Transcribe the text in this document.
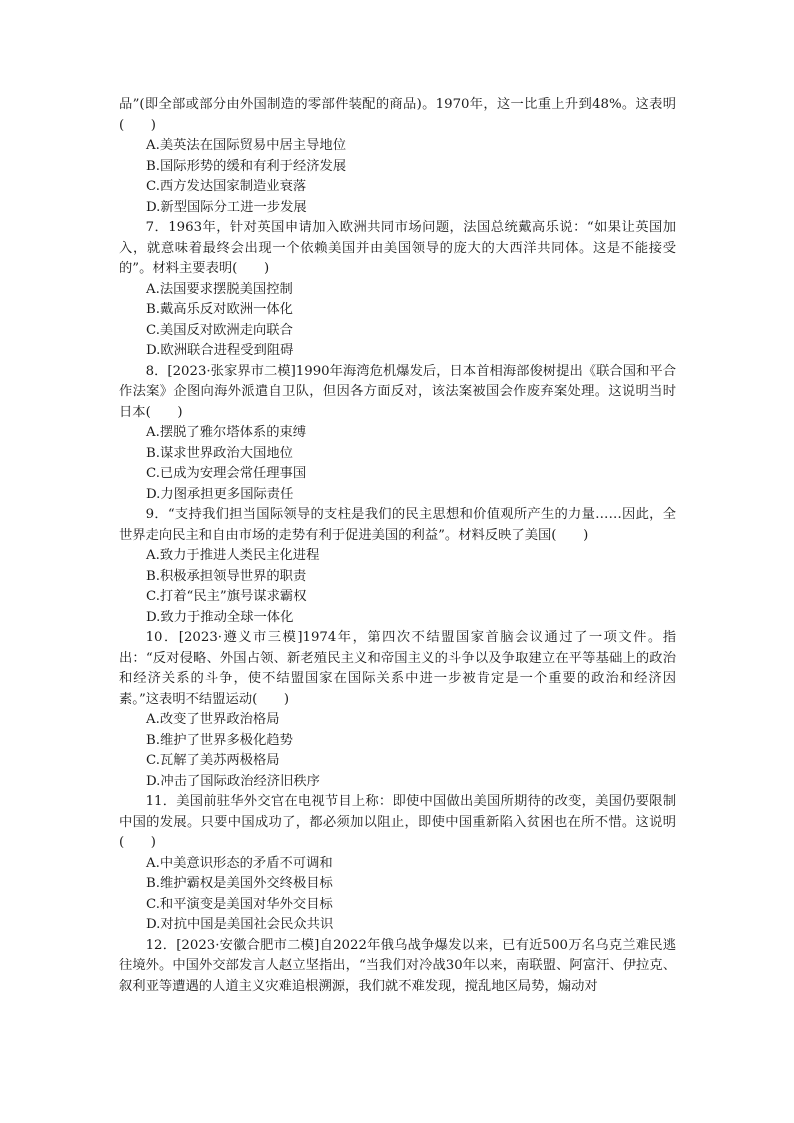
品”(即全部或部分由外国制造的零部件装配的商品)。1970年，这一比重上升到48%。这表明(　　)

A.美英法在国际贸易中居主导地位

B.国际形势的缓和有利于经济发展

C.西方发达国家制造业衰落

D.新型国际分工进一步发展

7．1963年，针对英国申请加入欧洲共同市场问题，法国总统戴高乐说：“如果让英国加入，就意味着最终会出现一个依赖美国并由美国领导的庞大的大西洋共同体。这是不能接受的”。材料主要表明(　　)

A.法国要求摆脱美国控制

B.戴高乐反对欧洲一体化

C.美国反对欧洲走向联合

D.欧洲联合进程受到阻碍

8．[2023·张家界市二模]1990年海湾危机爆发后，日本首相海部俊树提出《联合国和平合作法案》企图向海外派遣自卫队，但因各方面反对，该法案被国会作废弃案处理。这说明当时日本(　　)

A.摆脱了雅尔塔体系的束缚

B.谋求世界政治大国地位

C.已成为安理会常任理事国

D.力图承担更多国际责任

9．“支持我们担当国际领导的支柱是我们的民主思想和价值观所产生的力量……因此，全世界走向民主和自由市场的走势有利于促进美国的利益”。材料反映了美国(　　)

A.致力于推进人类民主化进程

B.积极承担领导世界的职责

C.打着“民主”旗号谋求霸权

D.致力于推动全球一体化

10．[2023·遵义市三模]1974年，第四次不结盟国家首脑会议通过了一项文件。指出：“反对侵略、外国占领、新老殖民主义和帝国主义的斗争以及争取建立在平等基础上的政治和经济关系的斗争，使不结盟国家在国际关系中进一步被肯定是一个重要的政治和经济因素。”这表明不结盟运动(　　)

A.改变了世界政治格局

B.维护了世界多极化趋势

C.瓦解了美苏两极格局

D.冲击了国际政治经济旧秩序

11．美国前驻华外交官在电视节目上称：即使中国做出美国所期待的改变，美国仍要限制中国的发展。只要中国成功了，都必须加以阻止，即使中国重新陷入贫困也在所不惜。这说明(　　)

A.中美意识形态的矛盾不可调和

B.维护霸权是美国外交终极目标

C.和平演变是美国对华外交目标

D.对抗中国是美国社会民众共识

12．[2023·安徽合肥市二模]自2022年俄乌战争爆发以来，已有近500万名乌克兰难民逃往境外。中国外交部发言人赵立坚指出，“当我们对冷战30年以来，南联盟、阿富汗、伊拉克、叙利亚等遭遇的人道主义灾难追根溯源，我们就不难发现，搅乱地区局势，煽动对
